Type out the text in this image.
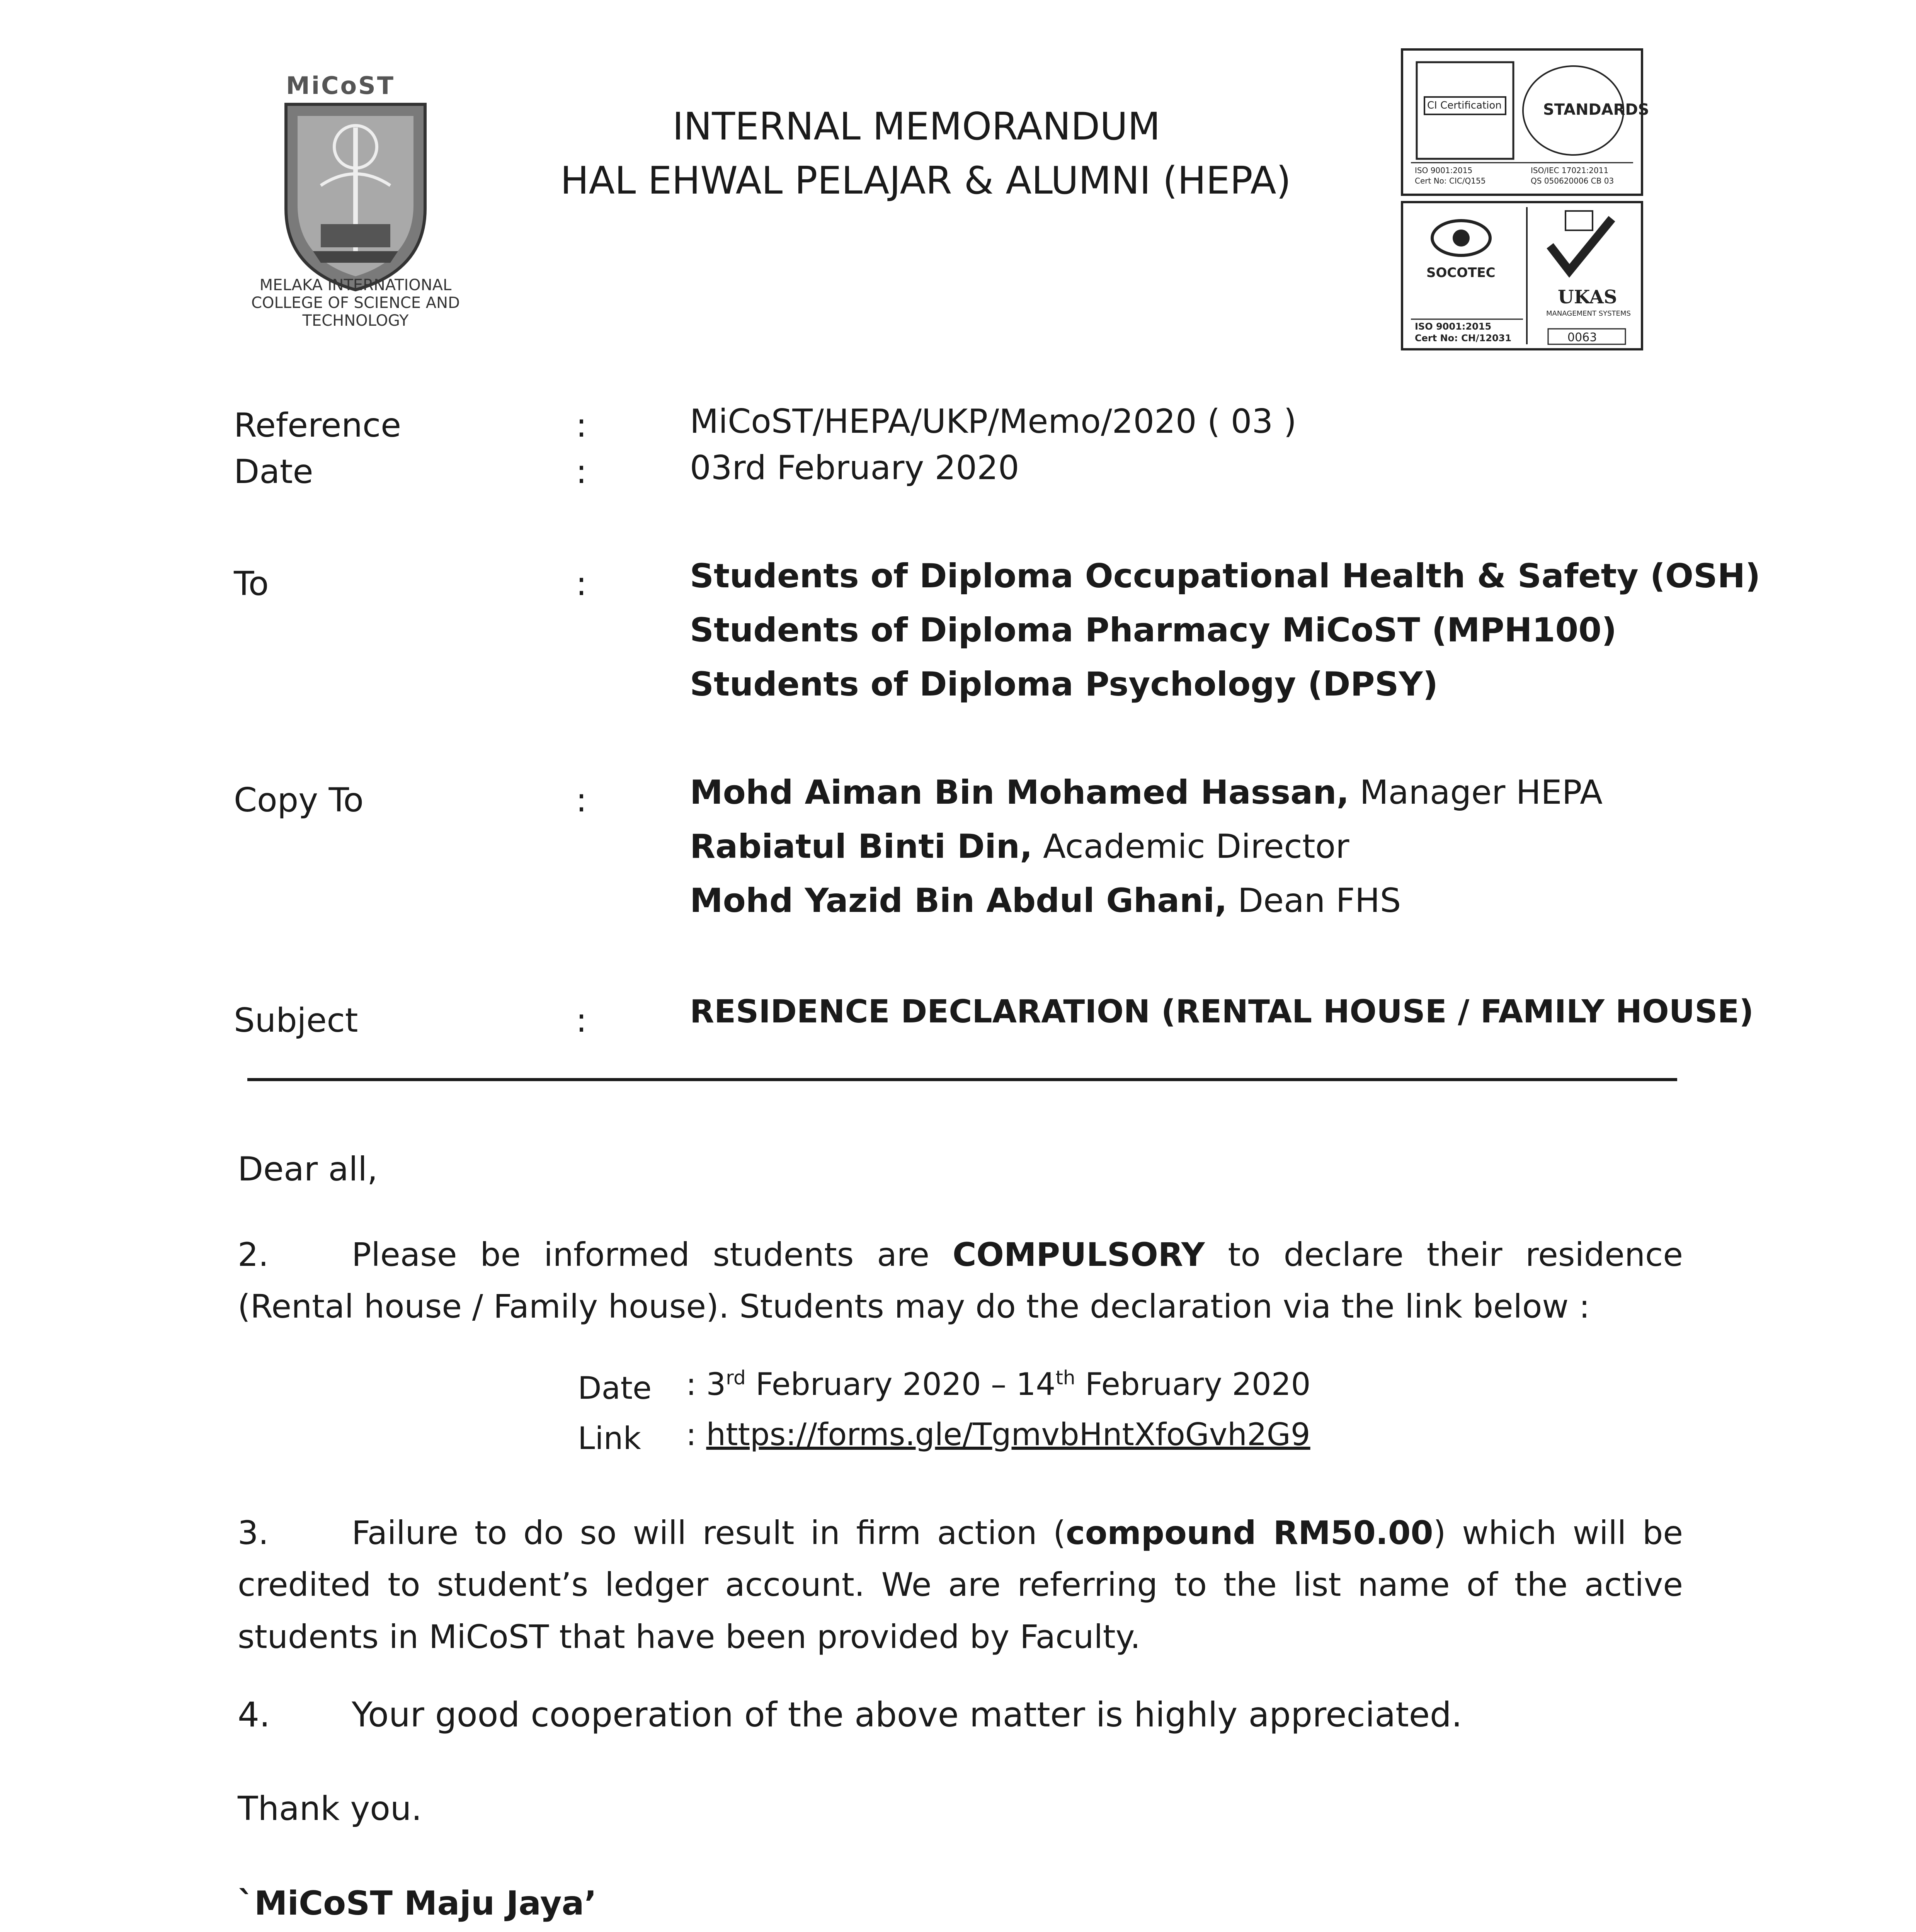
MiCoST
MELAKA INTERNATIONAL COLLEGE OF SCIENCE AND TECHNOLOGY
INTERNAL MEMORANDUM
HAL EHWAL PELAJAR & ALUMNI (HEPA)
CI Certification	STANDARDS
ISO 9001:2015
Cert No: CIC/Q155
ISO/IEC 17021:2011
QS 050620006 CB 03
SOCOTEC
UKAS
MANAGEMENT SYSTEMS
ISO 9001:2015
Cert No: CH/12031	0063
Reference	:	MiCoST/HEPA/UKP/Memo/2020 ( 03 )
Date	:	03rd February 2020
To	:	Students of Diploma Occupational Health & Safety (OSH)
Students of Diploma Pharmacy MiCoST (MPH100)
Students of Diploma Psychology (DPSY)
Copy To	:	Mohd Aiman Bin Mohamed Hassan, Manager HEPA
Rabiatul Binti Din, Academic Director
Mohd Yazid Bin Abdul Ghani, Dean FHS
Subject	:	RESIDENCE DECLARATION (RENTAL HOUSE / FAMILY HOUSE)
Dear all,
2.	Please be informed students are COMPULSORY to declare their residence (Rental house / Family house). Students may do the declaration via the link below :
Date : 3rd February 2020 – 14th February 2020
Link : https://forms.gle/TgmvbHntXfoGvh2G9
3.	Failure to do so will result in firm action (compound RM50.00) which will be credited to student’s ledger account. We are referring to the list name of the active students in MiCoST that have been provided by Faculty.
4. Your good cooperation of the above matter is highly appreciated.
Thank you.
`MiCoST Maju Jaya’
